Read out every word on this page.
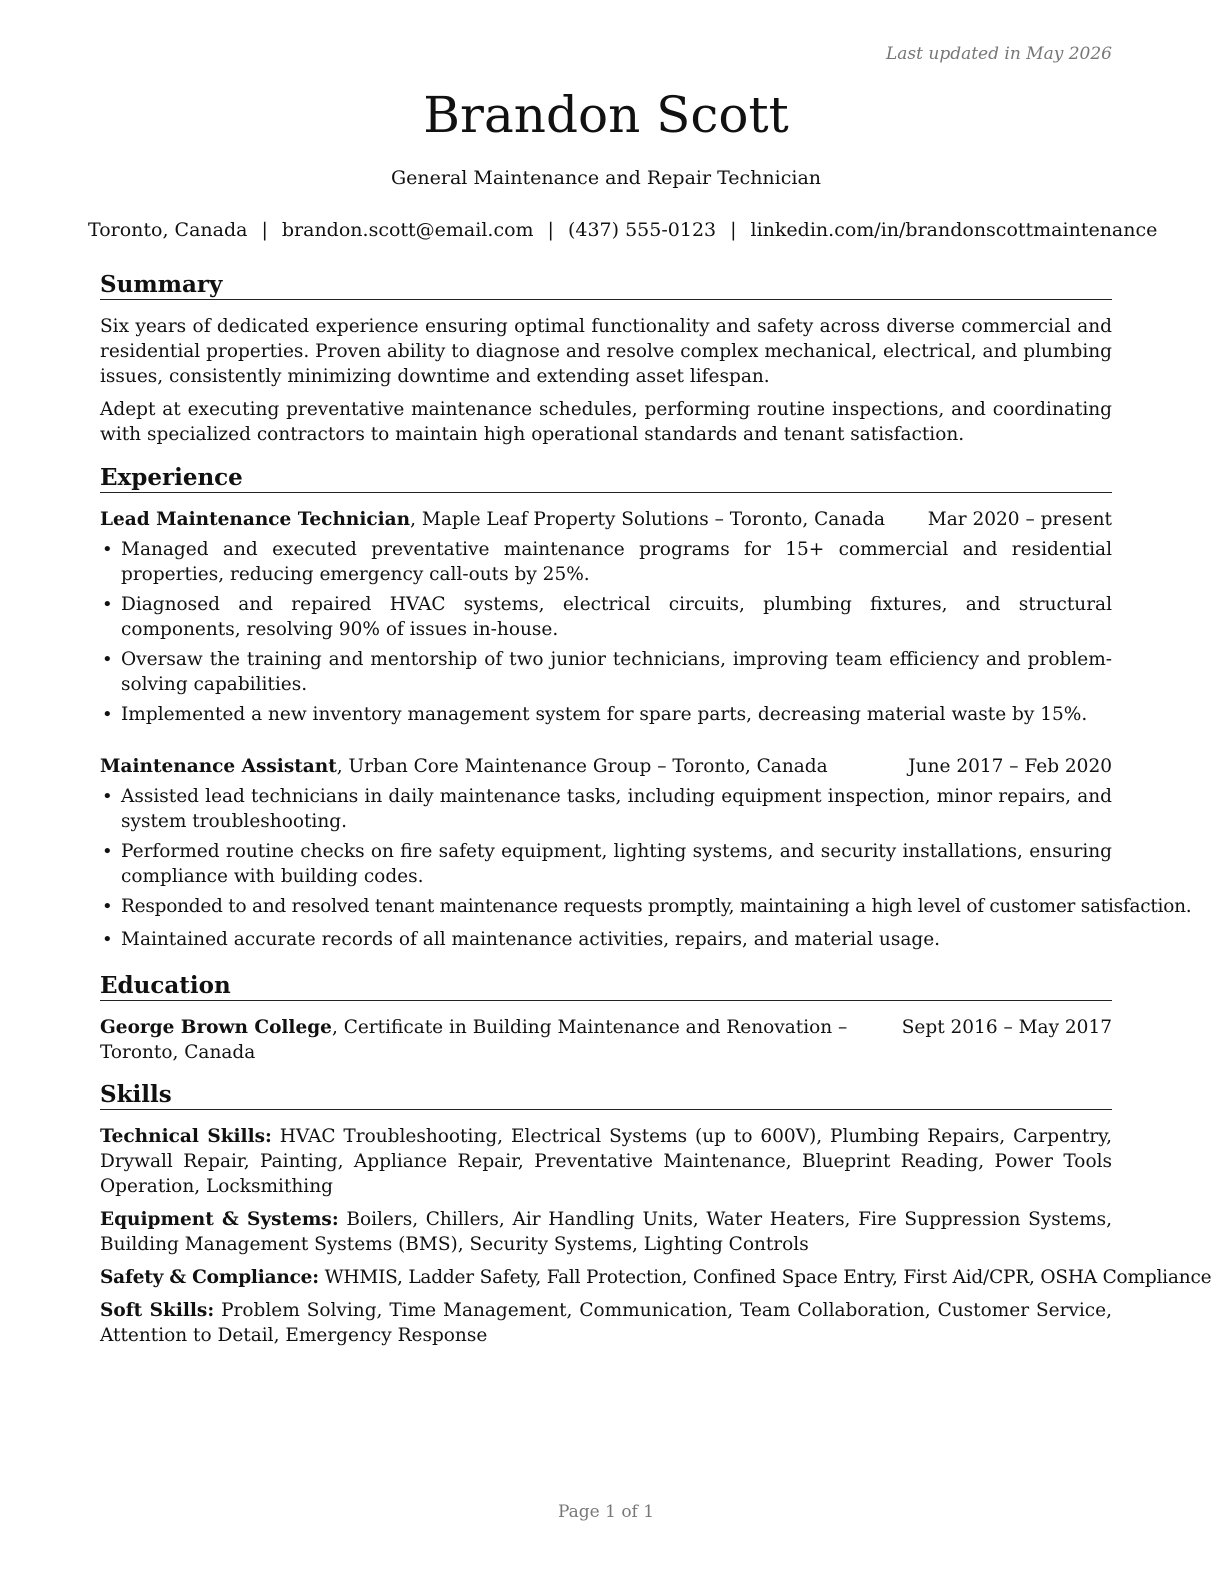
Last updated in May 2026
Brandon Scott
General Maintenance and Repair Technician
Toronto, Canada | brandon.scott@email.com | (437) 555-0123 | linkedin.com/in/brandonscottmaintenance
Summary

Six years of dedicated experience ensuring optimal functionality and safety across diverse commercial and residential properties. Proven ability to diagnose and resolve complex mechanical, electrical, and plumbing issues, consistently minimizing downtime and extending asset lifespan.

Adept at executing preventative maintenance schedules, performing routine inspections, and coordinating with specialized contractors to maintain high operational standards and tenant satisfaction.

Experience
Lead Maintenance Technician, Maple Leaf Property Solutions – Toronto, Canada Mar 2020 – present
• Managed and executed preventative maintenance programs for 15+ commercial and residential properties, reducing emergency call-outs by 25%.
• Diagnosed and repaired HVAC systems, electrical circuits, plumbing fixtures, and structural components, resolving 90% of issues in-house.
• Oversaw the training and mentorship of two junior technicians, improving team efficiency and problem-solving capabilities.
• Implemented a new inventory management system for spare parts, decreasing material waste by 15%.
Maintenance Assistant, Urban Core Maintenance Group – Toronto, Canada	June 2017 – Feb 2020
• Assisted lead technicians in daily maintenance tasks, including equipment inspection, minor repairs, and system troubleshooting.
• Performed routine checks on fire safety equipment, lighting systems, and security installations, ensuring compliance with building codes.
• Responded to and resolved tenant maintenance requests promptly, maintaining a high level of customer satisfaction.
• Maintained accurate records of all maintenance activities, repairs, and material usage.
Education
George Brown College, Certificate in Building Maintenance and Renovation – Toronto, Canada
Sept 2016 – May 2017
Skills

Technical Skills: HVAC Troubleshooting, Electrical Systems (up to 600V), Plumbing Repairs, Carpentry, Drywall Repair, Painting, Appliance Repair, Preventative Maintenance, Blueprint Reading, Power Tools Operation, Locksmithing

Equipment & Systems: Boilers, Chillers, Air Handling Units, Water Heaters, Fire Suppression Systems, Building Management Systems (BMS), Security Systems, Lighting Controls

Safety & Compliance: WHMIS, Ladder Safety, Fall Protection, Confined Space Entry, First Aid/CPR, OSHA Compliance

Soft Skills: Problem Solving, Time Management, Communication, Team Collaboration, Customer Service, Attention to Detail, Emergency Response

Page 1 of 1
